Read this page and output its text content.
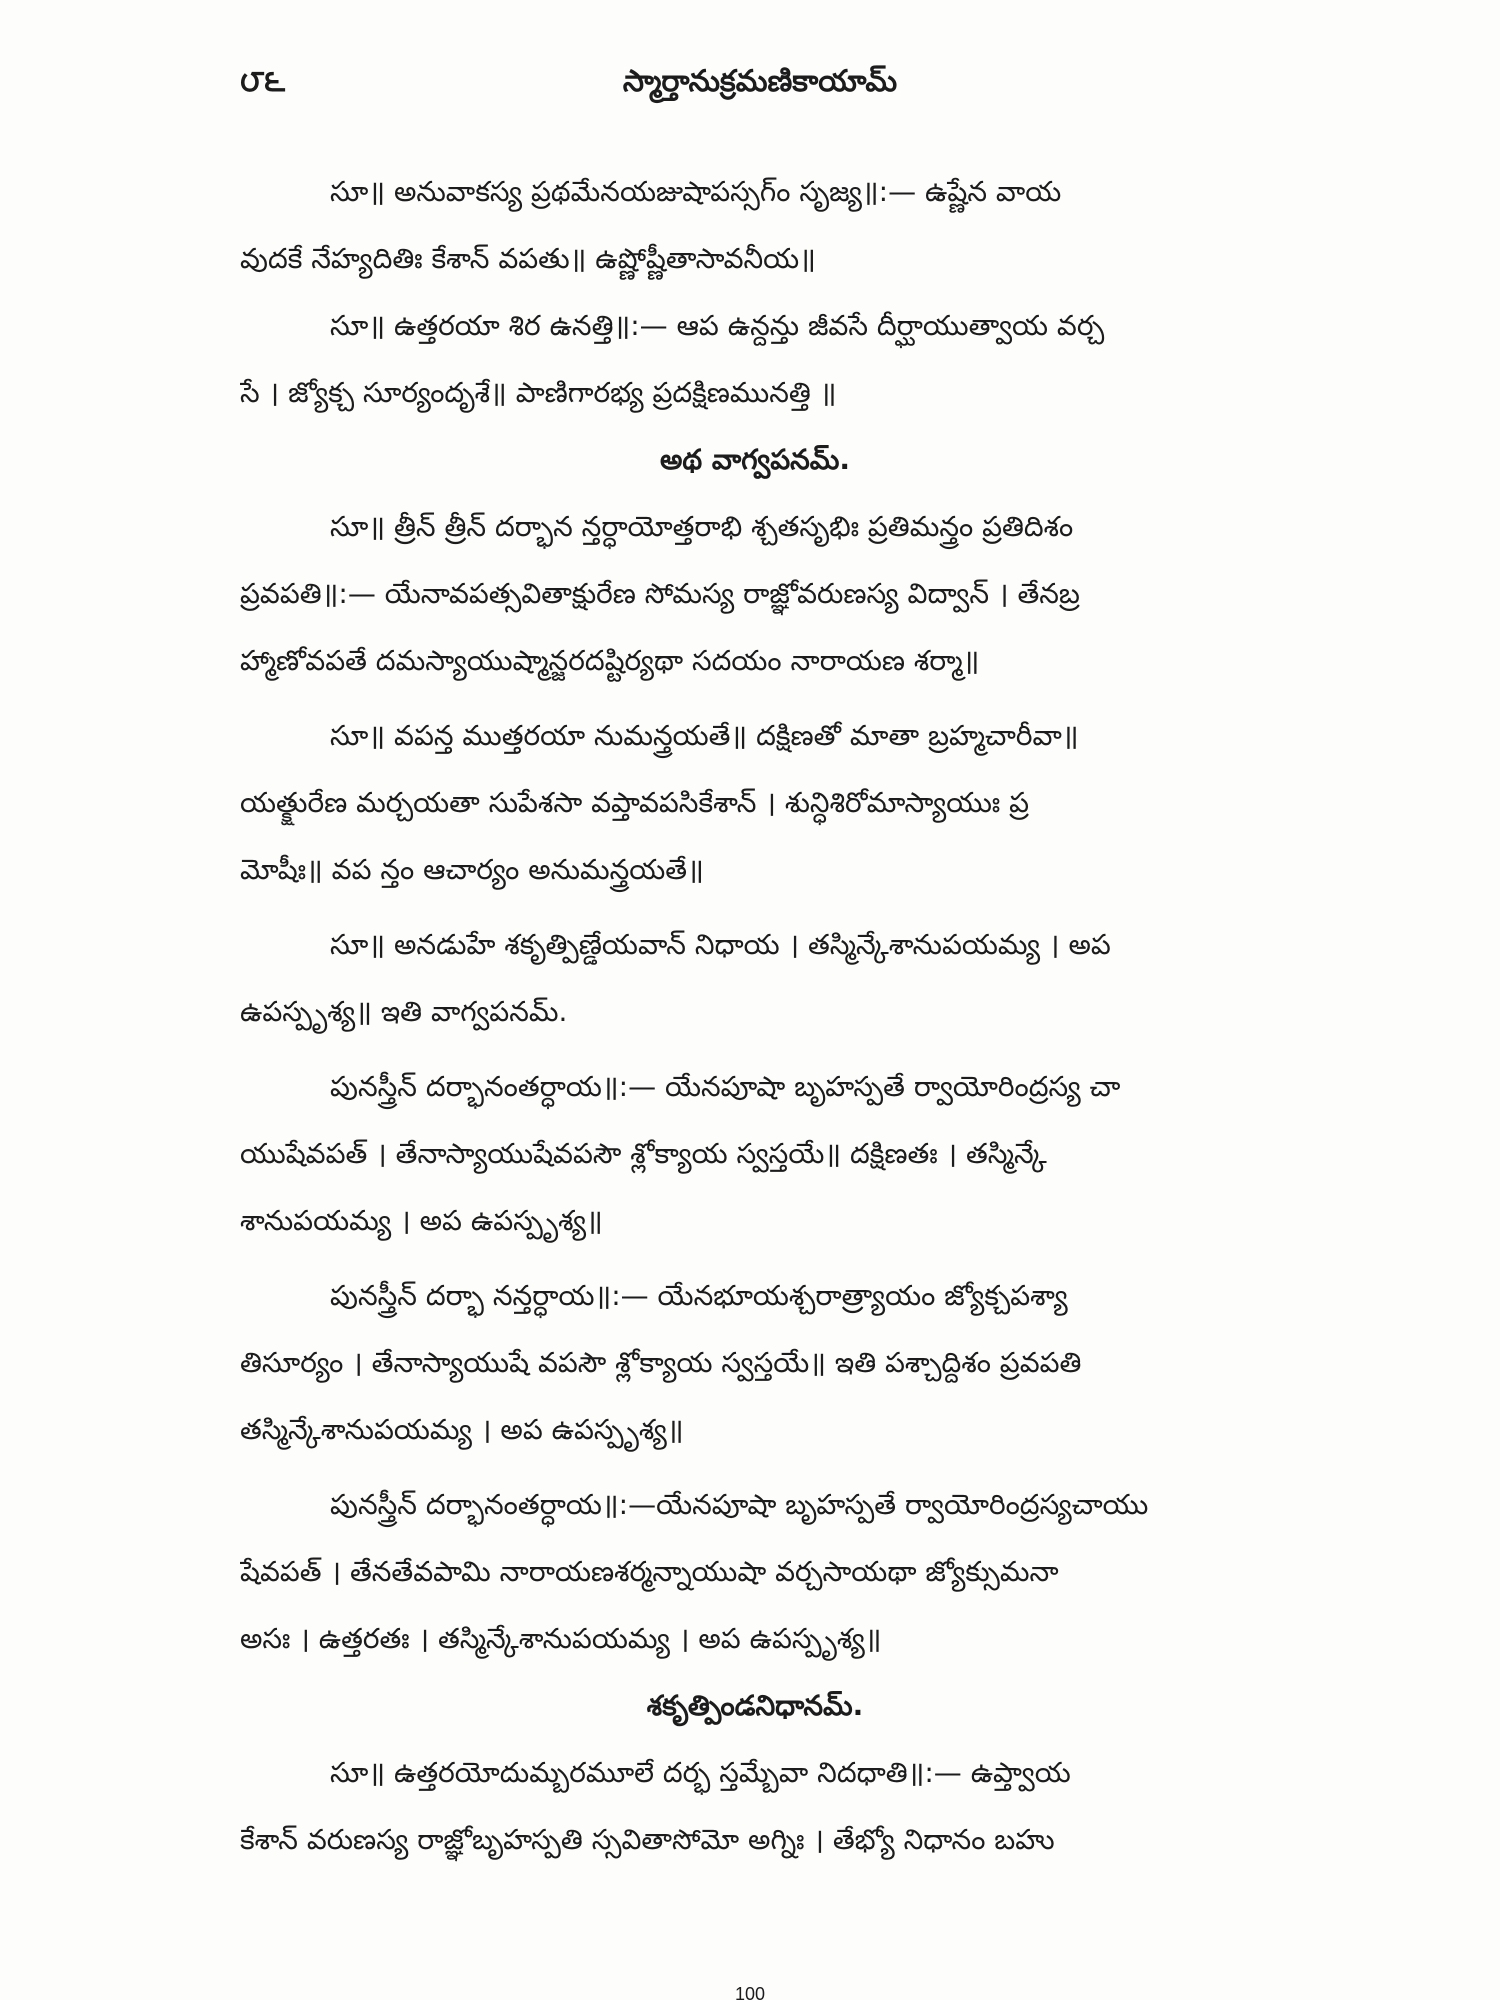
౮౬	స్మార్తానుక్రమణికాయామ్
సూ॥ అనువాకస్య ప్రథమేనయజుషాపస్సగ్ం సృజ్య॥:— ఉష్ణేన వాయ
వుదకే నేహ్యదితిః కేశాన్ వపతు॥ ఉష్ణోష్ణీతాసావనీయ॥
సూ॥ ఉత్తరయా శిర ఉనత్తి॥:— ఆప ఉన్దన్తు జీవసే దీర్ఘాయుత్వాయ వర్చ
సే । జ్యోక్చ సూర్యందృశే॥ పాణిగారభ్య ప్రదక్షిణమునత్తి ॥
అథ వాగ్వపనమ్.
సూ॥ త్రీన్ త్రీన్ దర్భాన న్తర్ధాయోత్తరాభి శ్చతసృభిః ప్రతిమన్త్రం ప్రతిదిశం
ప్రవపతి॥:— యేనావపత్సవితాక్షురేణ సోమస్య రాజ్ఞోవరుణస్య విద్వాన్ । తేనబ్ర
హ్మాణోవపతే దమస్యాయుష్మాన్జరదష్టిర్యథా సదయం నారాయణ శర్మా॥
సూ॥ వపన్త ముత్తరయా నుమన్త్రయతే॥ దక్షిణతో మాతా బ్రహ్మచారీవా॥
యత్క్షురేణ మర్చయతా సుపేశసా వప్తావపసికేశాన్ । శున్ధిశిరోమాస్యాయుః ప్ర
మోషీః॥ వప న్తం ఆచార్యం అనుమన్త్రయతే॥
సూ॥ అనడుహే శకృత్పిణ్డేయవాన్ నిధాయ । తస్మిన్కేశానుపయమ్య । అప
ఉపస్పృశ్య॥ ఇతి వాగ్వపనమ్.
పునస్త్రీన్ దర్భానంతర్ధాయ॥:— యేనపూషా బృహస్పతే ర్వాయోరింద్రస్య చా
యుషేవపత్ । తేనాస్యాయుషేవపసౌ శ్లోక్యాయ స్వస్తయే॥ దక్షిణతః । తస్మిన్కే
శానుపయమ్య । అప ఉపస్పృశ్య॥
పునస్త్రీన్ దర్భా నన్తర్ధాయ॥:— యేనభూయశ్చరాత్ర్యాయం జ్యోక్చపశ్యా
తిసూర్యం । తేనాస్యాయుషే వపసౌ శ్లోక్యాయ స్వస్తయే॥ ఇతి పశ్చాద్దిశం ప్రవపతి
తస్మిన్కేశానుపయమ్య । అప ఉపస్పృశ్య॥
పునస్త్రీన్ దర్భానంతర్ధాయ॥:—యేనపూషా బృహస్పతే ర్వాయోరింద్రస్యచాయు
షేవపత్ । తేనతేవపామి నారాయణశర్మన్నాయుషా వర్చసాయథా జ్యోక్సుమనా
అసః । ఉత్తరతః । తస్మిన్కేశానుపయమ్య । అప ఉపస్పృశ్య॥
శకృత్పిండనిధానమ్.
సూ॥ ఉత్తరయోదుమ్బరమూలే దర్భ స్తమ్బేవా నిదధాతి॥:— ఉప్త్వాయ
కేశాన్ వరుణస్య రాజ్ఞోబృహస్పతి స్సవితాసోమో అగ్నిః । తేభ్యో నిధానం బహు
100
